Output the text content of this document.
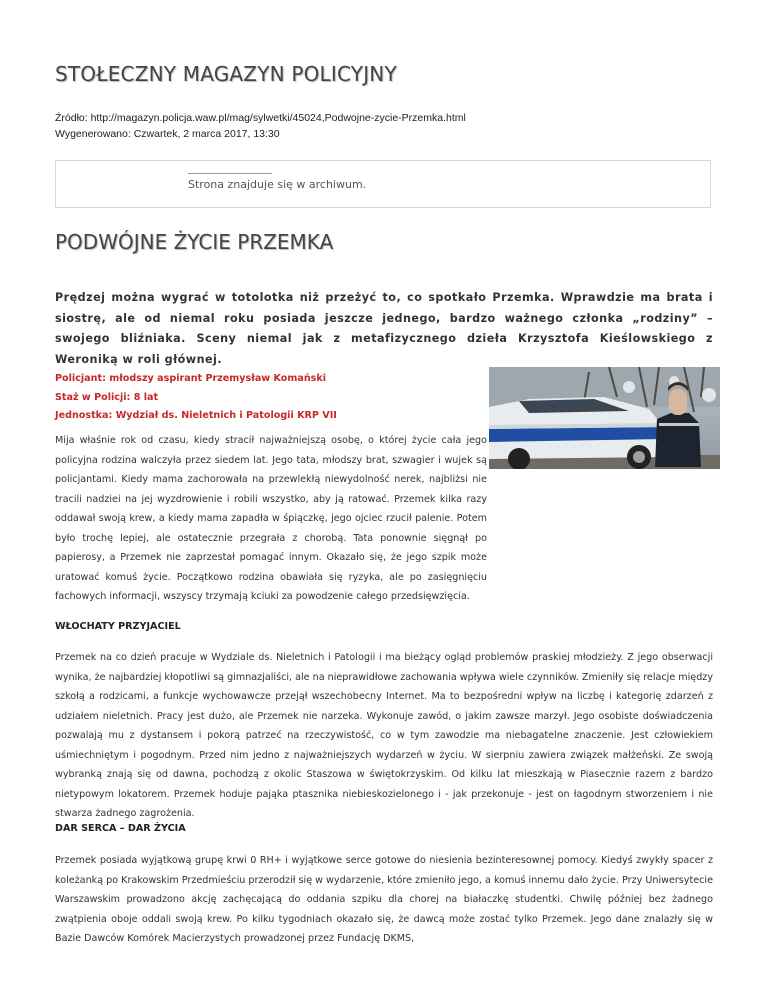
STOŁECZNY MAGAZYN POLICYJNY
Źródło: http://magazyn.policja.waw.pl/mag/sylwetki/45024,Podwojne-zycie-Przemka.html
Wygenerowano: Czwartek, 2 marca 2017, 13:30
Strona znajduje się w archiwum.
PODWÓJNE ŻYCIE PRZEMKA

Prędzej można wygrać w totolotka niż przeżyć to, co spotkało Przemka. Wprawdzie ma brata i siostrę, ale od niemal roku posiada jeszcze jednego, bardzo ważnego członka „rodziny” – swojego bliźniaka. Sceny niemal jak z metafizycznego dzieła Krzysztofa Kieślowskiego z Weroniką w roli głównej.

Policjant: młodszy aspirant Przemysław Komański
Staż w Policji: 8 lat
Jednostka: Wydział ds. Nieletnich i Patologii KRP VII

Mija właśnie rok od czasu, kiedy stracił najważniejszą osobę, o której życie cała jego policyjna rodzina walczyła przez siedem lat. Jego tata, młodszy brat, szwagier i wujek są policjantami. Kiedy mama zachorowała na przewlekłą niewydolność nerek, najbliżsi nie tracili nadziei na jej wyzdrowienie i robili wszystko, aby ją ratować. Przemek kilka razy oddawał swoją krew, a kiedy mama zapadła w śpiączkę, jego ojciec rzucił palenie. Potem było trochę lepiej, ale ostatecznie przegrała z chorobą. Tata ponownie sięgnął po papierosy, a Przemek nie zaprzestał pomagać innym. Okazało się, że jego szpik może uratować komuś życie. Początkowo rodzina obawiała się ryzyka, ale po zasięgnięciu fachowych informacji, wszyscy trzymają kciuki za powodzenie całego przedsięwzięcia.

WŁOCHATY PRZYJACIEL

Przemek na co dzień pracuje w Wydziale ds. Nieletnich i Patologii i ma bieżący ogląd problemów praskiej młodzieży. Z jego obserwacji wynika, że najbardziej kłopotliwi są gimnazjaliści, ale na nieprawidłowe zachowania wpływa wiele czynników. Zmieniły się relacje między szkołą a rodzicami, a funkcje wychowawcze przejął wszechobecny Internet. Ma to bezpośredni wpływ na liczbę i kategorię zdarzeń z udziałem nieletnich. Pracy jest dużo, ale Przemek nie narzeka. Wykonuje zawód, o jakim zawsze marzył. Jego osobiste doświadczenia pozwalają mu z dystansem i pokorą patrzeć na rzeczywistość, co w tym zawodzie ma niebagatelne znaczenie. Jest człowiekiem uśmiechniętym i pogodnym. Przed nim jedno z najważniejszych wydarzeń w życiu. W sierpniu zawiera związek małżeński. Ze swoją wybranką znają się od dawna, pochodzą z okolic Staszowa w świętokrzyskim. Od kilku lat mieszkają w Piasecznie razem z bardzo nietypowym lokatorem. Przemek hoduje pająka ptasznika niebieskozielonego i - jak przekonuje - jest on łagodnym stworzeniem i nie stwarza żadnego zagrożenia.

DAR SERCA – DAR ŻYCIA

Przemek posiada wyjątkową grupę krwi 0 RH+ i wyjątkowe serce gotowe do niesienia bezinteresownej pomocy. Kiedyś zwykły spacer z koleżanką po Krakowskim Przedmieściu przerodził się w wydarzenie, które zmieniło jego, a komuś innemu dało życie. Przy Uniwersytecie Warszawskim prowadzono akcję zachęcającą do oddania szpiku dla chorej na białaczkę studentki. Chwilę później bez żadnego zwątpienia oboje oddali swoją krew. Po kilku tygodniach okazało się, że dawcą może zostać tylko Przemek. Jego dane znalazły się w Bazie Dawców Komórek Macierzystych prowadzonej przez Fundację DKMS,
